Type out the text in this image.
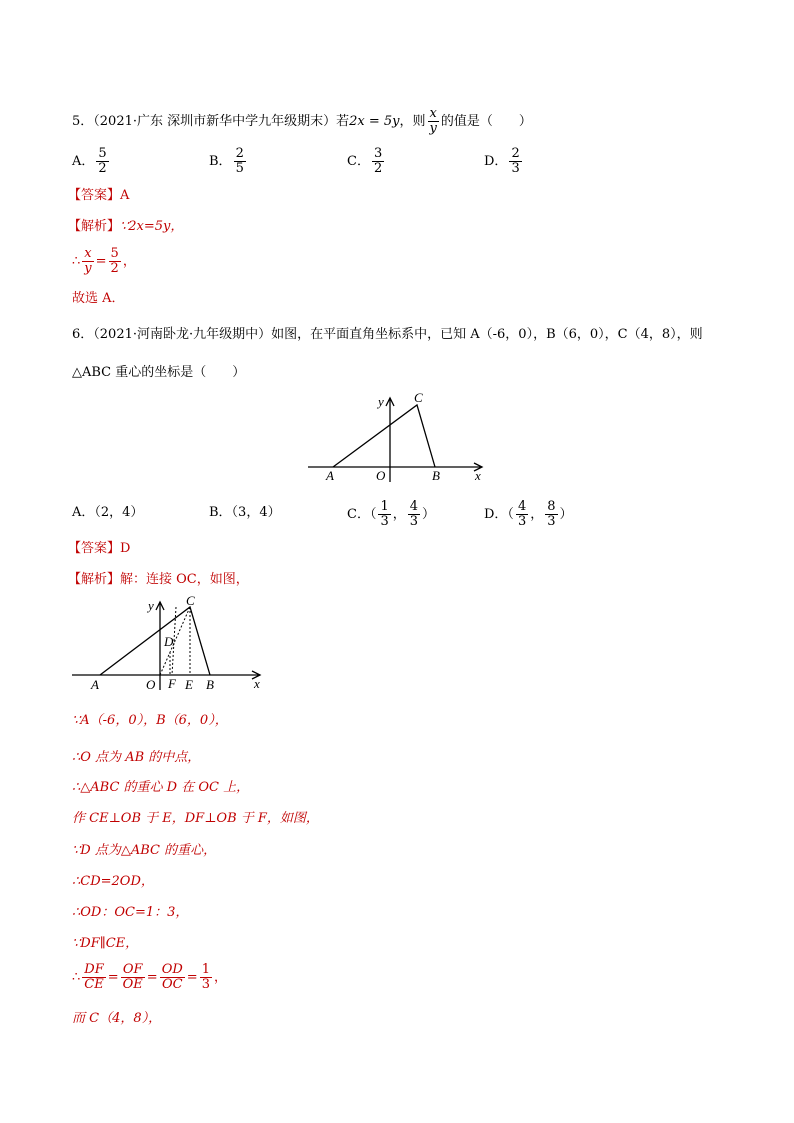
5．（2021·广东 深圳市新华中学九年级期末）若2x = 5y，则 $\frac{x}{y}$ 的值是（　　）
A． $\frac{5}{2}$	B． $\frac{2}{5}$	C． $\frac{3}{2}$	D． $\frac{2}{3}$
【答案】A
【解析】∵2x=5y，
∴ $\frac{x}{y} = \frac{5}{2}$ ，
故选 A．
6．（2021·河南卧龙·九年级期中）如图，在平面直角坐标系中，已知 A（-6，0），B（6，0），C（4，8），则
△ABC 重心的坐标是（　　）
A	O	B
C
x
y
A．（2，4）	B．（3，4）	C．（ $\frac{1}{3}$ ， $\frac{4}{3}$ ）	D．（ $\frac{4}{3}$ ， $\frac{8}{3}$ ）
【答案】D
【解析】解：连接 OC，如图，
A	O F E B
C
D
x
y
∵A（-6，0），B（6，0），
∴O 点为 AB 的中点，
∴△ABC 的重心 D 在 OC 上，
作 CE⊥OB 于 E，DF⊥OB 于 F，如图，
∵D 点为△ABC 的重心，
∴CD=2OD，
∴OD：OC=1：3，
∵DF∥CE，
∴ $\frac{DF}{CE} = \frac{OF}{OE} = \frac{OD}{OC} = \frac{1}{3}$ ，
而 C（4，8），
